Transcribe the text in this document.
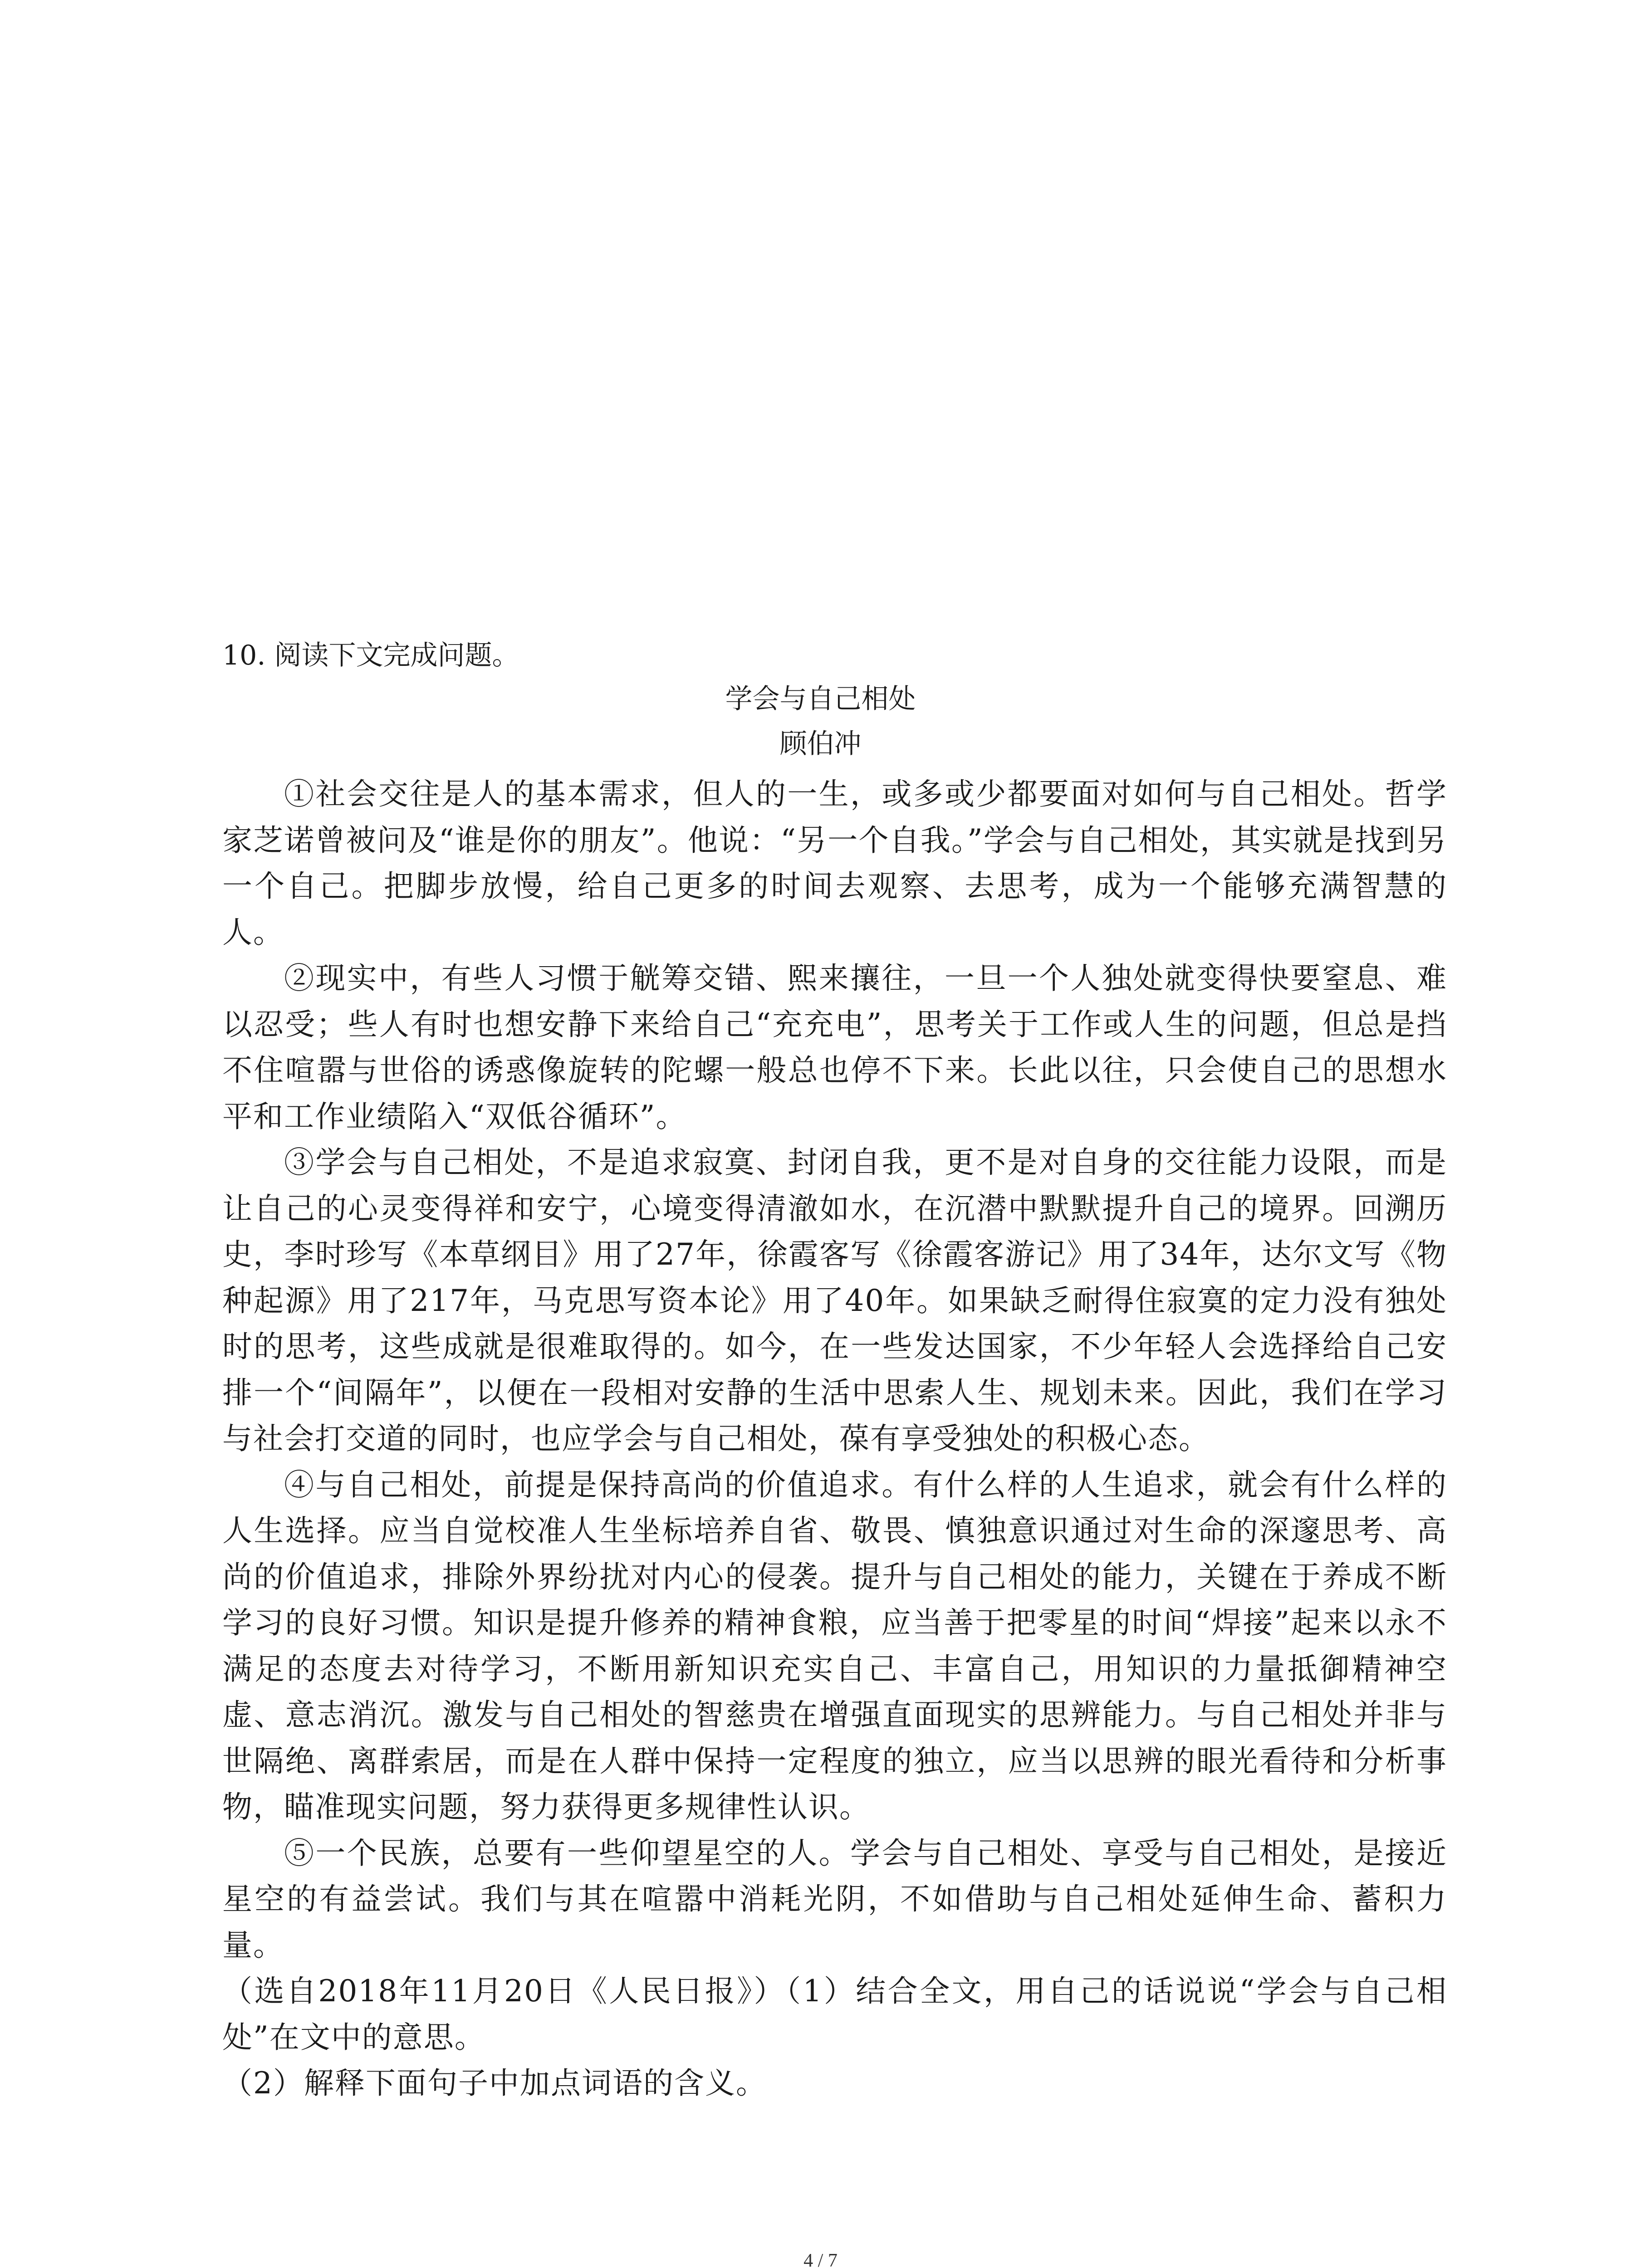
10. 阅读下文完成问题。
学会与自己相处
顾伯冲

①社会交往是人的基本需求，但人的一生，或多或少都要面对如何与自己相处。哲学家芝诺曾被问及“谁是你的朋友”。他说：“另一个自我。”学会与自己相处，其实就是找到另一个自己。把脚步放慢，给自己更多的时间去观察、去思考，成为一个能够充满智慧的人。

②现实中，有些人习惯于觥筹交错、熙来攘往，一旦一个人独处就变得快要窒息、难以忍受；些人有时也想安静下来给自己“充充电”，思考关于工作或人生的问题，但总是挡不住喧嚣与世俗的诱惑像旋转的陀螺一般总也停不下来。长此以往，只会使自己的思想水平和工作业绩陷入“双低谷循环”。

③学会与自己相处，不是追求寂寞、封闭自我，更不是对自身的交往能力设限，而是让自己的心灵变得祥和安宁，心境变得清澈如水，在沉潜中默默提升自己的境界。回溯历史，李时珍写《本草纲目》用了27年，徐霞客写《徐霞客游记》用了34年，达尔文写《物种起源》用了217年，马克思写资本论》用了40年。如果缺乏耐得住寂寞的定力没有独处时的思考，这些成就是很难取得的。如今，在一些发达国家，不少年轻人会选择给自己安排一个“间隔年”，以便在一段相对安静的生活中思索人生、规划未来。因此，我们在学习与社会打交道的同时，也应学会与自己相处，葆有享受独处的积极心态。

④与自己相处，前提是保持高尚的价值追求。有什么样的人生追求，就会有什么样的人生选择。应当自觉校准人生坐标培养自省、敬畏、慎独意识通过对生命的深邃思考、高尚的价值追求，排除外界纷扰对内心的侵袭。提升与自己相处的能力，关键在于养成不断学习的良好习惯。知识是提升修养的精神食粮，应当善于把零星的时间“焊接”起来以永不满足的态度去对待学习，不断用新知识充实自己、丰富自己，用知识的力量抵御精神空虚、意志消沉。激发与自己相处的智慈贵在增强直面现实的思辨能力。与自己相处并非与世隔绝、离群索居，而是在人群中保持一定程度的独立，应当以思辨的眼光看待和分析事物，瞄准现实问题，努力获得更多规律性认识。

⑤一个民族，总要有一些仰望星空的人。学会与自己相处、享受与自己相处，是接近星空的有益尝试。我们与其在喧嚣中消耗光阴，不如借助与自己相处延伸生命、蓄积力量。

（选自2018年11月20日《人民日报》）（1）结合全文，用自己的话说说“学会与自己相处”在文中的意思。

（2）解释下面句子中加点词语的含义。

4 / 7
